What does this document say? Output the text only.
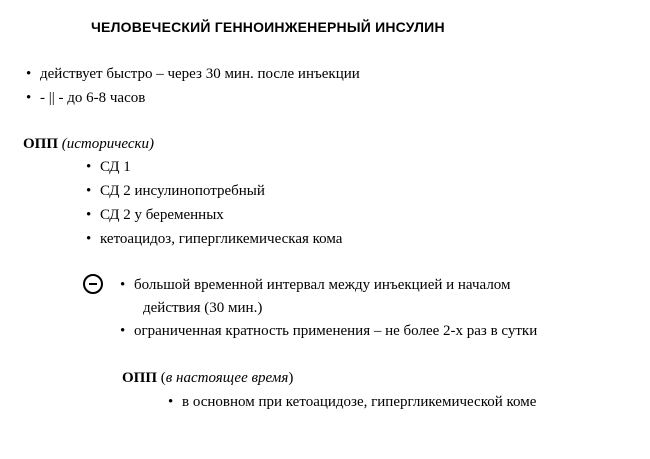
ЧЕЛОВЕЧЕСКИЙ ГЕННОИНЖЕНЕРНЫЙ ИНСУЛИН
• действует быстро – через 30 мин. после инъекции
• - || - до 6-8 часов
ОПП (исторически)
• СД 1
• СД 2 инсулинопотребный
• СД 2 у беременных
• кетоацидоз, гипергликемическая кома
• большой временной интервал между инъекцией и началом
действия (30 мин.)
• ограниченная кратность применения – не более 2-х раз в сутки
ОПП (в настоящее время)
• в основном при кетоацидозе, гипергликемической коме
